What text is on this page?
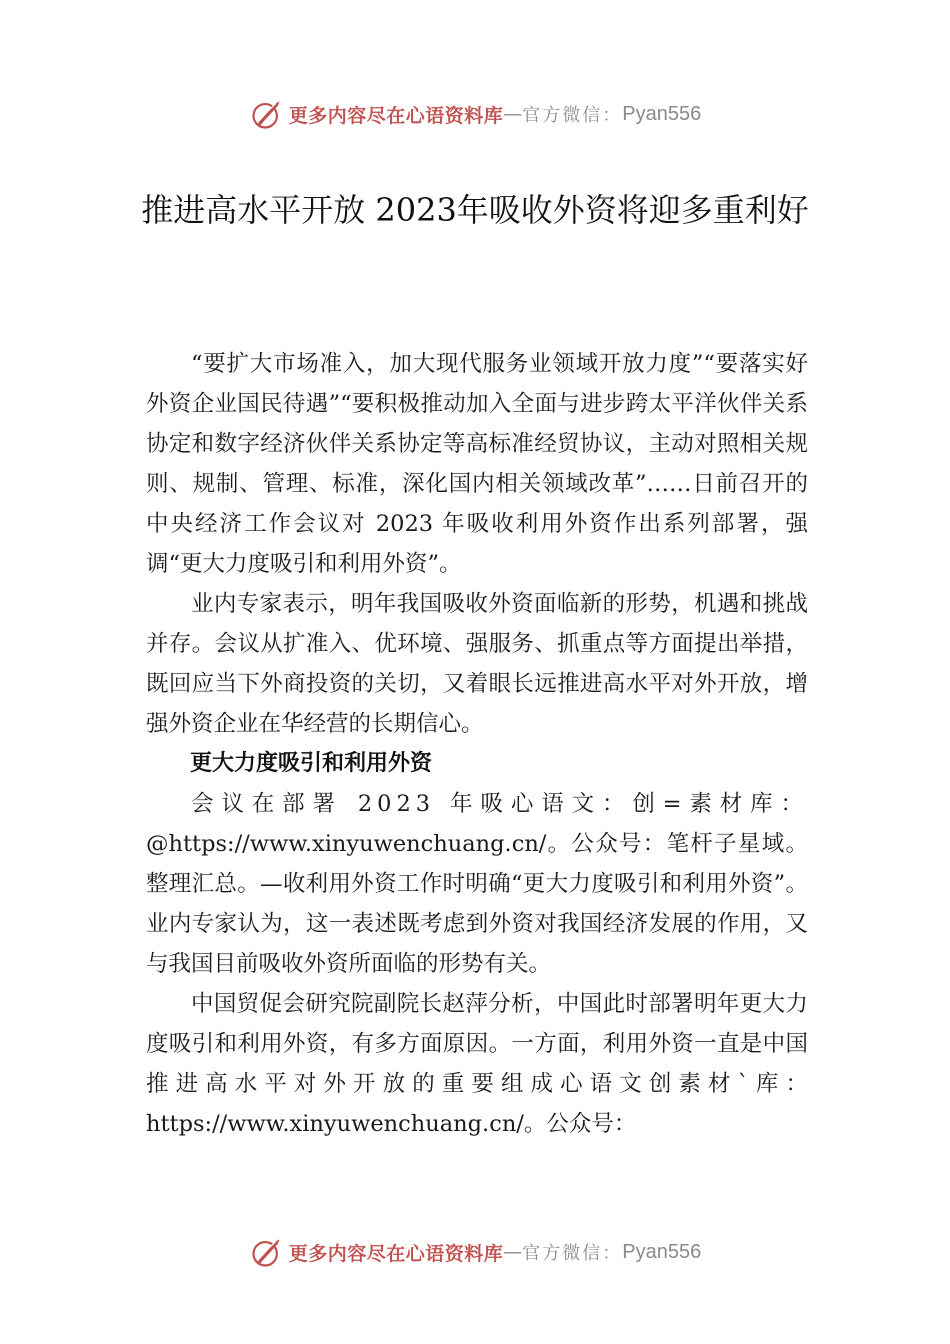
更多内容尽在心语资料库 — 官方微信： Pyan556
推进高水平开放 2023年吸收外资将迎多重利好

“要扩大市场准入，加大现代服务业领域开放力度”“要落实好外资企业国民待遇”“要积极推动加入全面与进步跨太平洋伙伴关系协定和数字经济伙伴关系协定等高标准经贸协议，主动对照相关规则、规制、管理、标准，深化国内相关领域改革”……日前召开的中央经济工作会议对 2023 年吸收利用外资作出系列部署，强调“更大力度吸引和利用外资”。

业内专家表示，明年我国吸收外资面临新的形势，机遇和挑战并存。会议从扩准入、优环境、强服务、抓重点等方面提出举措，既回应当下外商投资的关切，又着眼长远推进高水平对外开放，增强外资企业在华经营的长期信心。

更大力度吸引和利用外资

会议在部署 2023 年吸心语文：创=素材库：@https://www.xinyuwenchuang.cn/。公众号：笔杆子星域。整理汇总。—收利用外资工作时明确“更大力度吸引和利用外资”。业内专家认为，这一表述既考虑到外资对我国经济发展的作用，又与我国目前吸收外资所面临的形势有关。

中国贸促会研究院副院长赵萍分析，中国此时部署明年更大力度吸引和利用外资，有多方面原因。一方面，利用外资一直是中国推进高水平对外开放的重要组成心语文创素材`库：https://www.xinyuwenchuang.cn/。公众号：

更多内容尽在心语资料库 — 官方微信： Pyan556
